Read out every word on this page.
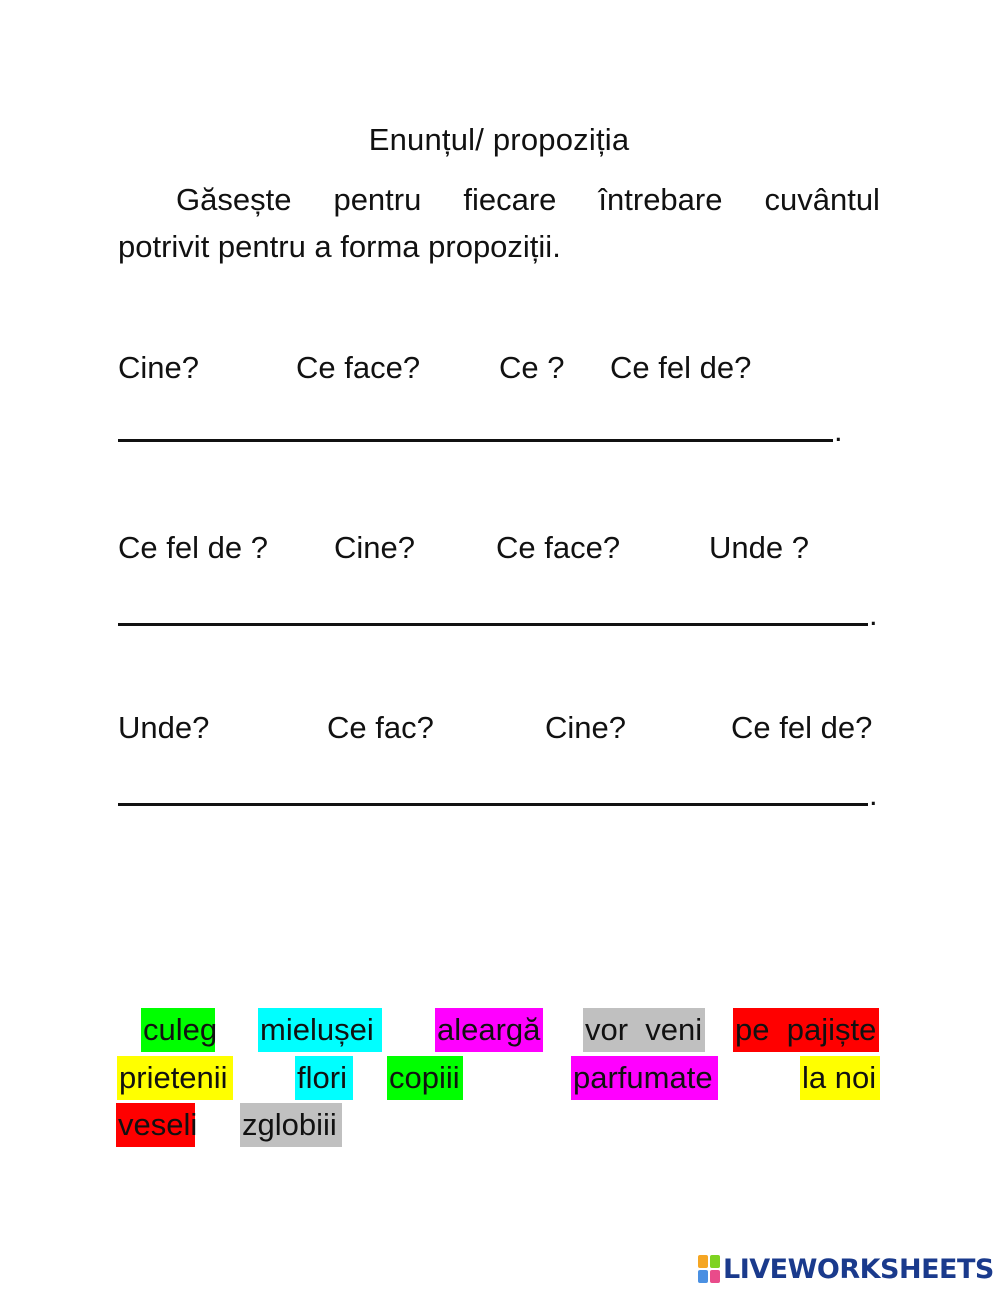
Enunțul/ propoziția
Găsește pentru fiecare întrebare cuvântul
potrivit pentru a forma propoziții.
Cine?	Ce face?	Ce ? Ce fel de?
.
Ce fel de ? Cine?	Ce face?	Unde ?
.
Unde?	Ce fac?	Cine?	Ce fel de?
.
culeg mielușei aleargă vor  veni pe  pajiște
prietenii flori copiii	parfumate	la noi
veseli zglobiii
LIVEWORKSHEETS
